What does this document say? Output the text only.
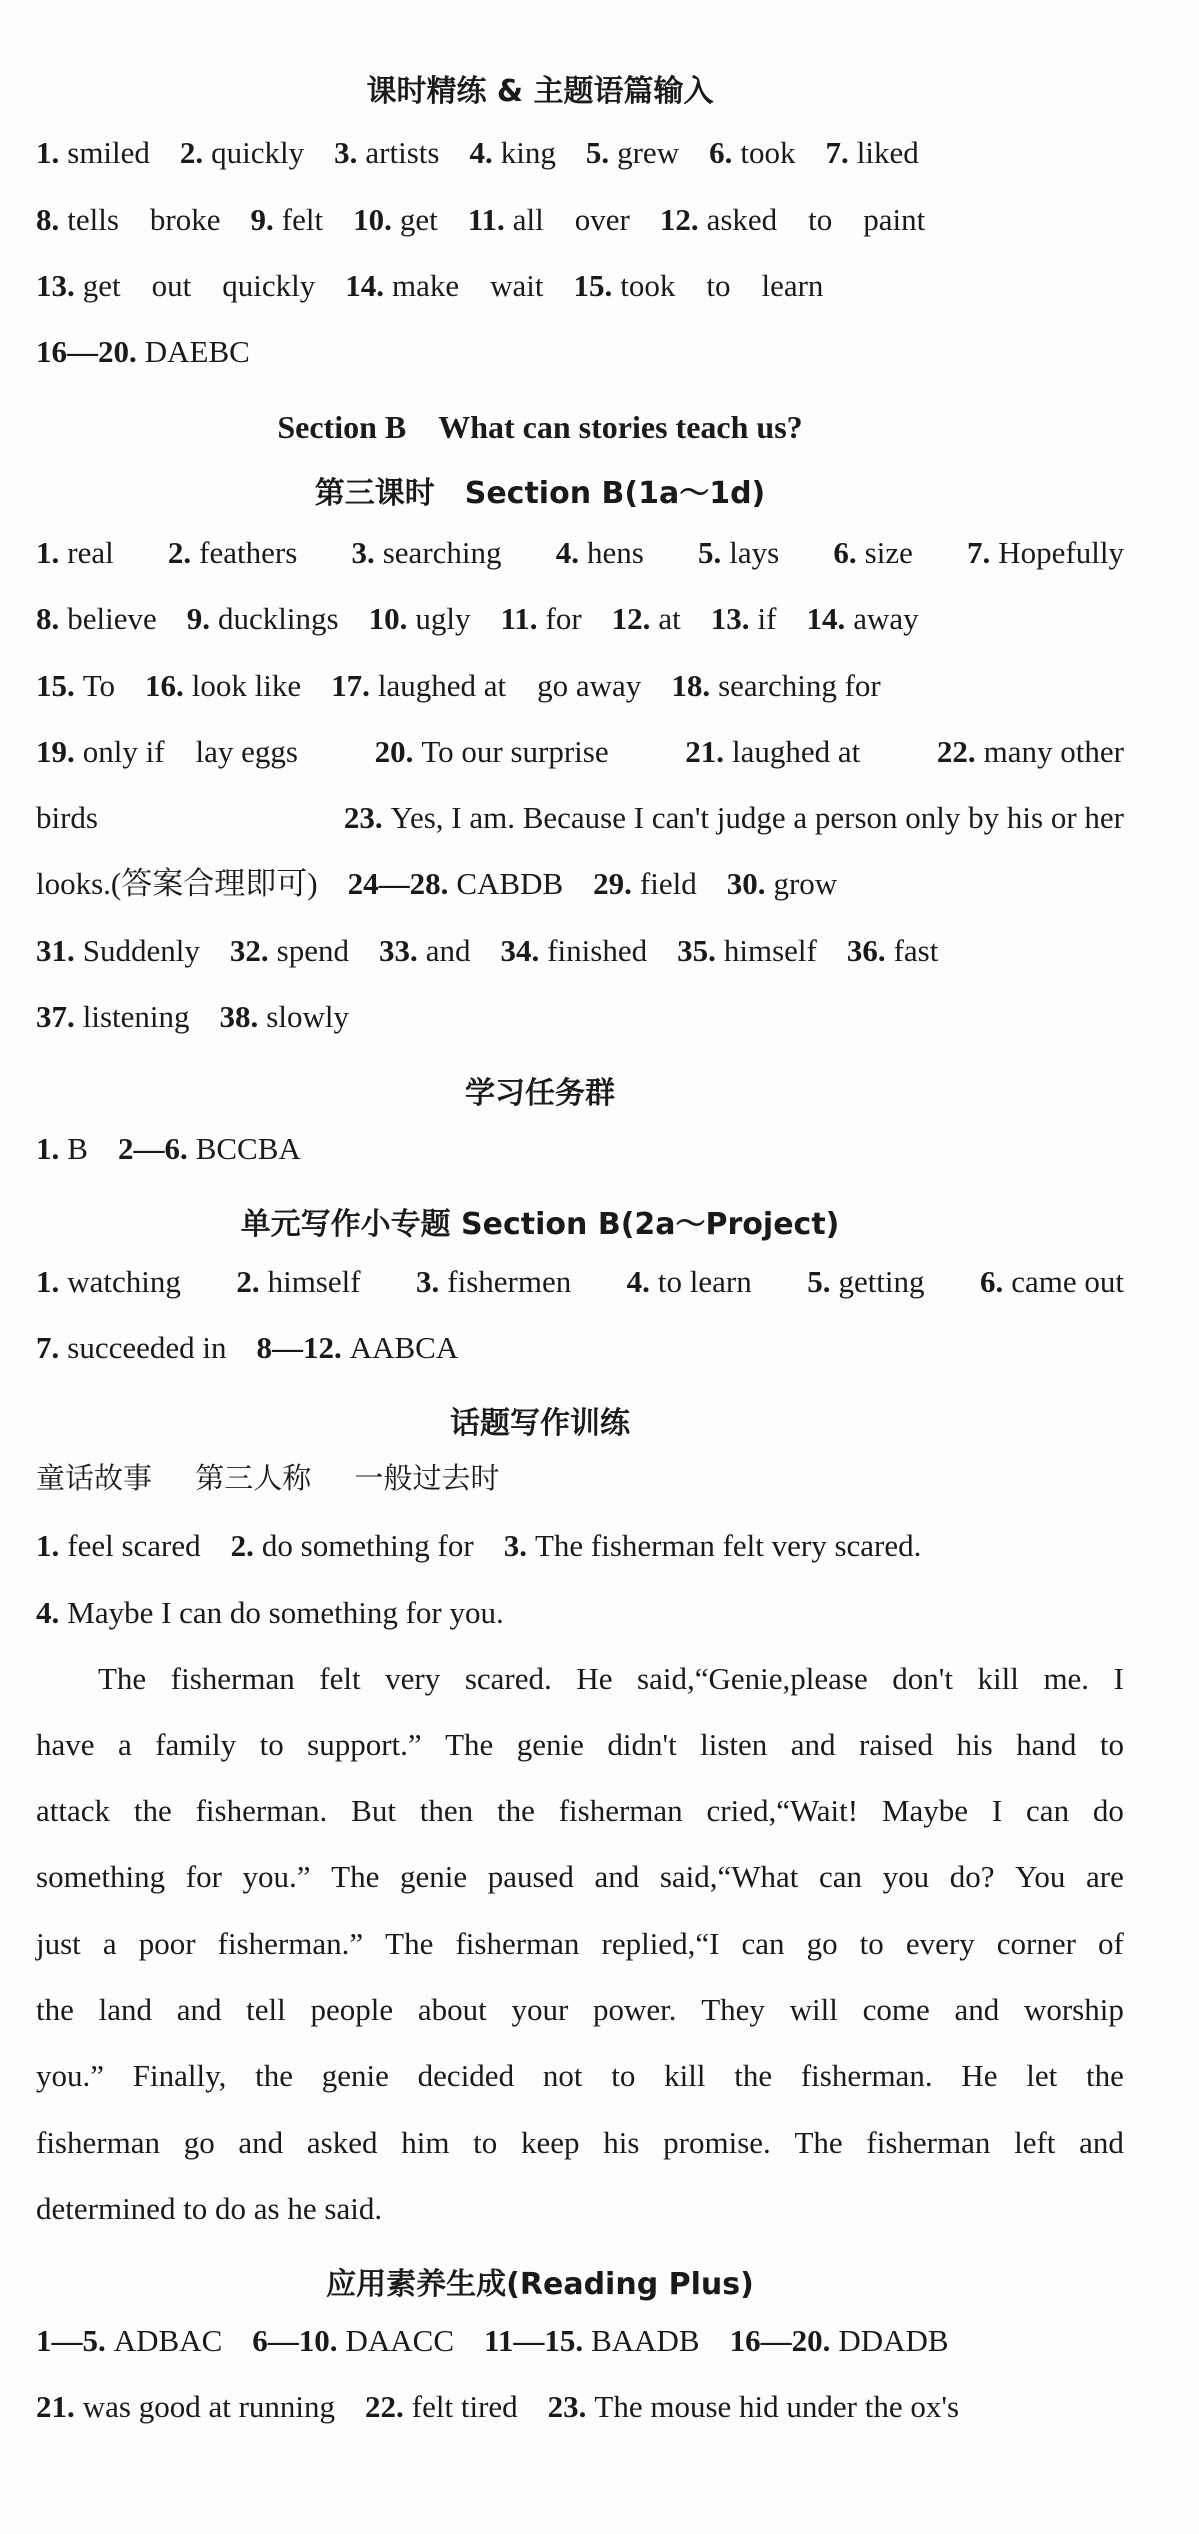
课时精练 & 主题语篇输入
1. smiled 2. quickly 3. artists 4. king 5. grew 6. took 7. liked
8. tells　broke 9. felt 10. get 11. all　over 12. asked　to　paint
13. get　out　quickly 14. make　wait 15. took　to　learn
16—20. DAEBC
Section B　What can stories teach us?
第三课时　Section B(1a～1d)
1. real 2. feathers 3. searching 4. hens 5. lays 6. size 7. Hopefully
8. believe 9. ducklings 10. ugly 11. for 12. at 13. if 14. away
15. To 16. look like 17. laughed at　go away 18. searching for
19. only if　lay eggs 20. To our surprise 21. laughed at 22. many other
birds	23. Yes, I am. Because I can't judge a person only by his or her
looks.(答案合理即可) 24—28. CABDB 29. field 30. grow
31. Suddenly 32. spend 33. and 34. finished 35. himself 36. fast
37. listening 38. slowly
学习任务群
1. B 2—6. BCCBA
单元写作小专题 Section B(2a～Project)
1. watching 2. himself 3. fishermen 4. to learn 5. getting 6. came out
7. succeeded in 8—12. AABCA
话题写作训练
童话故事 第三人称 一般过去时
1. feel scared 2. do something for 3. The fisherman felt very scared.
4. Maybe I can do something for you.
　　The fisherman felt very scared. He said,“Genie,please don't kill me. I
have a family to support.” The genie didn't listen and raised his hand to
attack the fisherman. But then the fisherman cried,“Wait! Maybe I can do
something for you.” The genie paused and said,“What can you do? You are
just a poor fisherman.” The fisherman replied,“I can go to every corner of
the land and tell people about your power. They will come and worship
you.” Finally, the genie decided not to kill the fisherman. He let the
fisherman go and asked him to keep his promise. The fisherman left and
determined to do as he said.
应用素养生成(Reading Plus)
1—5. ADBAC 6—10. DAACC 11—15. BAADB 16—20. DDADB
21. was good at running 22. felt tired 23. The mouse hid under the ox's
